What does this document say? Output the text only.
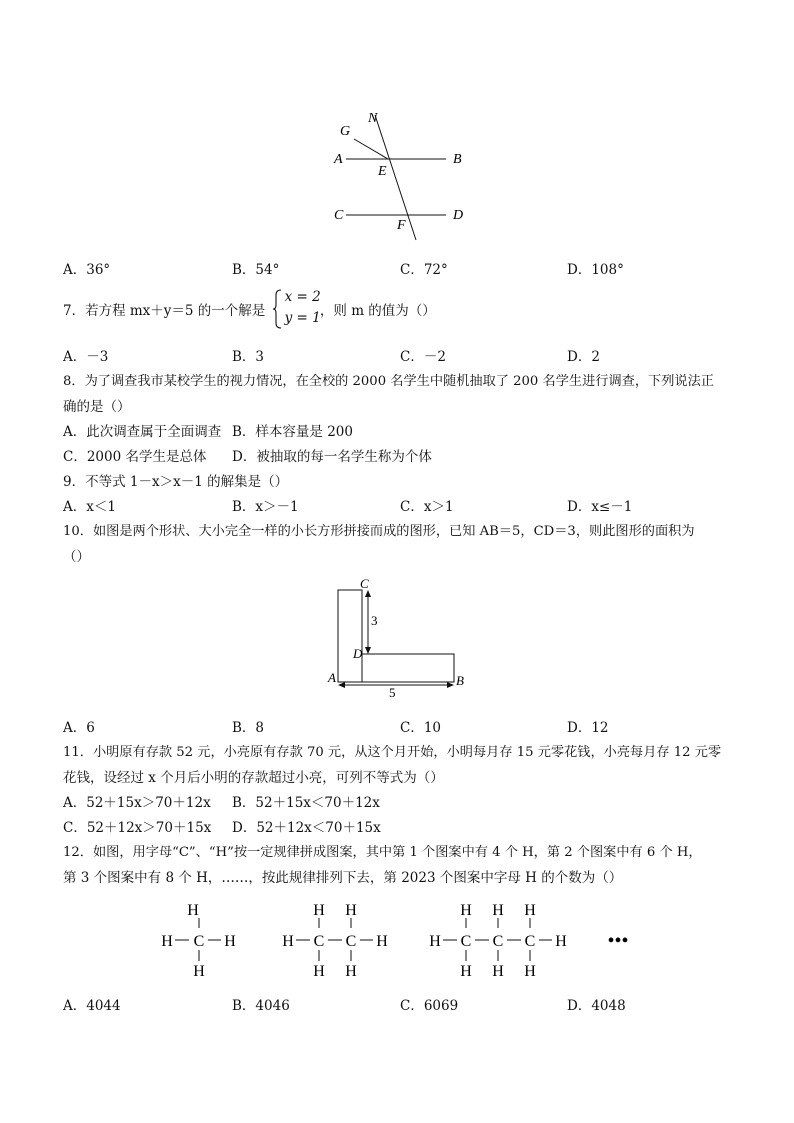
G
N
A
E
B
C
F
D
A．36°	B．54°	C．72°	D．108°
7．若方程 mx＋y＝5 的一个解是
x = 2
y = 1 ，则 m 的值为（）
A．－3	B．3	C．－2	D．2
8．为了调查我市某校学生的视力情况，在全校的 2000 名学生中随机抽取了 200 名学生进行调查，下列说法正
确的是（）
A．此次调查属于全面调查 B．样本容量是 200
C．2000 名学生是总体 D．被抽取的每一名学生称为个体
9．不等式 1－x＞x－1 的解集是（）
A．x＜1	B．x＞－1	C．x＞1	D．x≤－1
10．如图是两个形状、大小完全一样的小长方形拼接而成的图形，已知 AB＝5，CD＝3，则此图形的面积为
（）
C
D
A	B
3
5
A．6	B．8	C．10	D．12
11．小明原有存款 52 元，小亮原有存款 70 元，从这个月开始，小明每月存 15 元零花钱，小亮每月存 12 元零
花钱，设经过 x 个月后小明的存款超过小亮，可列不等式为（）
A．52＋15x＞70＋12x B．52＋15x＜70＋12x
C．52＋12x＞70＋15x D．52＋12x＜70＋15x
12．如图，用字母“C”、“H”按一定规律拼成图案，其中第 1 个图案中有 4 个 H，第 2 个图案中有 6 个 H，
第 3 个图案中有 8 个 H，……，按此规律排列下去，第 2023 个图案中字母 H 的个数为（）
H
H C H
H
H H
H C C H
H H
H H H
H C C C H
H H H
•••
A．4044	B．4046	C．6069	D．4048
